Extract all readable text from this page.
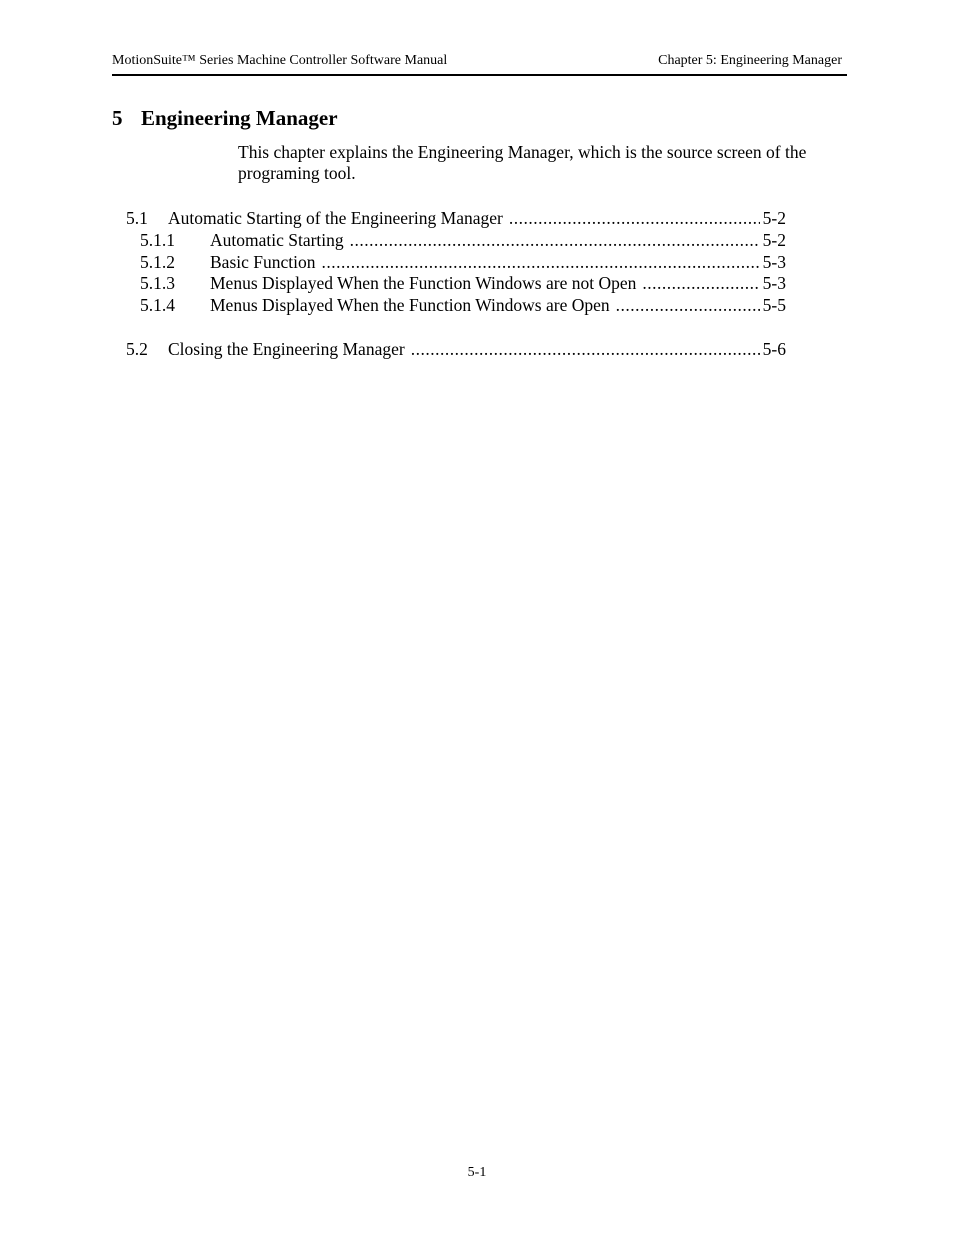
MotionSuite™ Series Machine Controller Software Manual	Chapter 5: Engineering Manager
5 Engineering Manager
This chapter explains the Engineering Manager, which is the source screen of the programing tool.
5.1 Automatic Starting of the Engineering Manager .....	5-2
5.1.1 Automatic Starting .....	5-2
5.1.2 Basic Function .....	5-3
5.1.3 Menus Displayed When the Function Windows are not Open .....	5-3
5.1.4 Menus Displayed When the Function Windows are Open .....	5-5
5.2 Closing the Engineering Manager .....	5-6
5-1
